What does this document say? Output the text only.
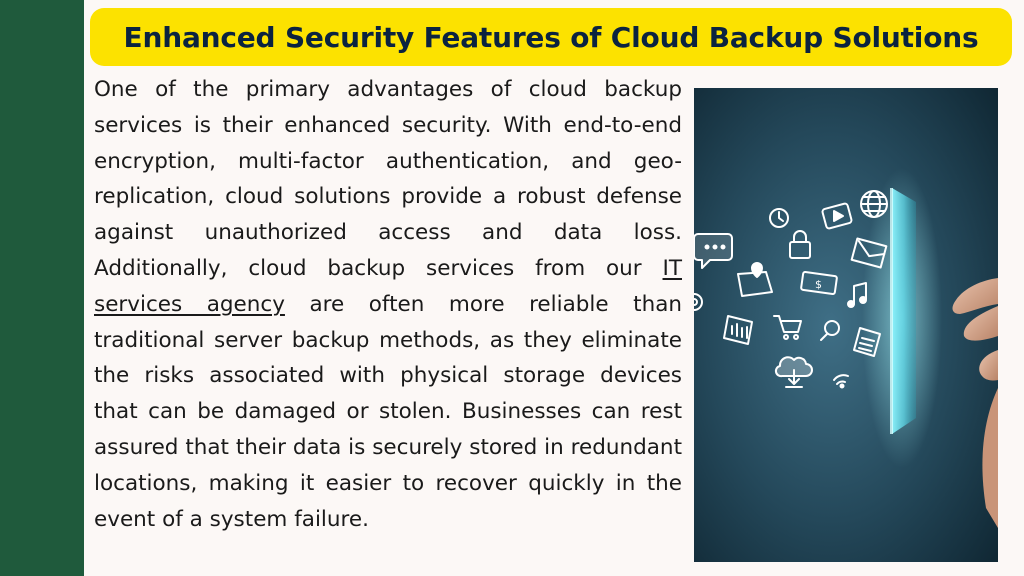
Enhanced Security Features of Cloud Backup Solutions

One of the primary advantages of cloud backup services is their enhanced security. With end-to-end encryption, multi-factor authentication, and geo-replication, cloud solutions provide a robust defense against unauthorized access and data loss. Additionally, cloud backup services from our IT services agency are often more reliable than traditional server backup methods, as they eliminate the risks associated with physical storage devices that can be damaged or stolen. Businesses can rest assured that their data is securely stored in redundant locations, making it easier to recover quickly in the event of a system failure.

$
